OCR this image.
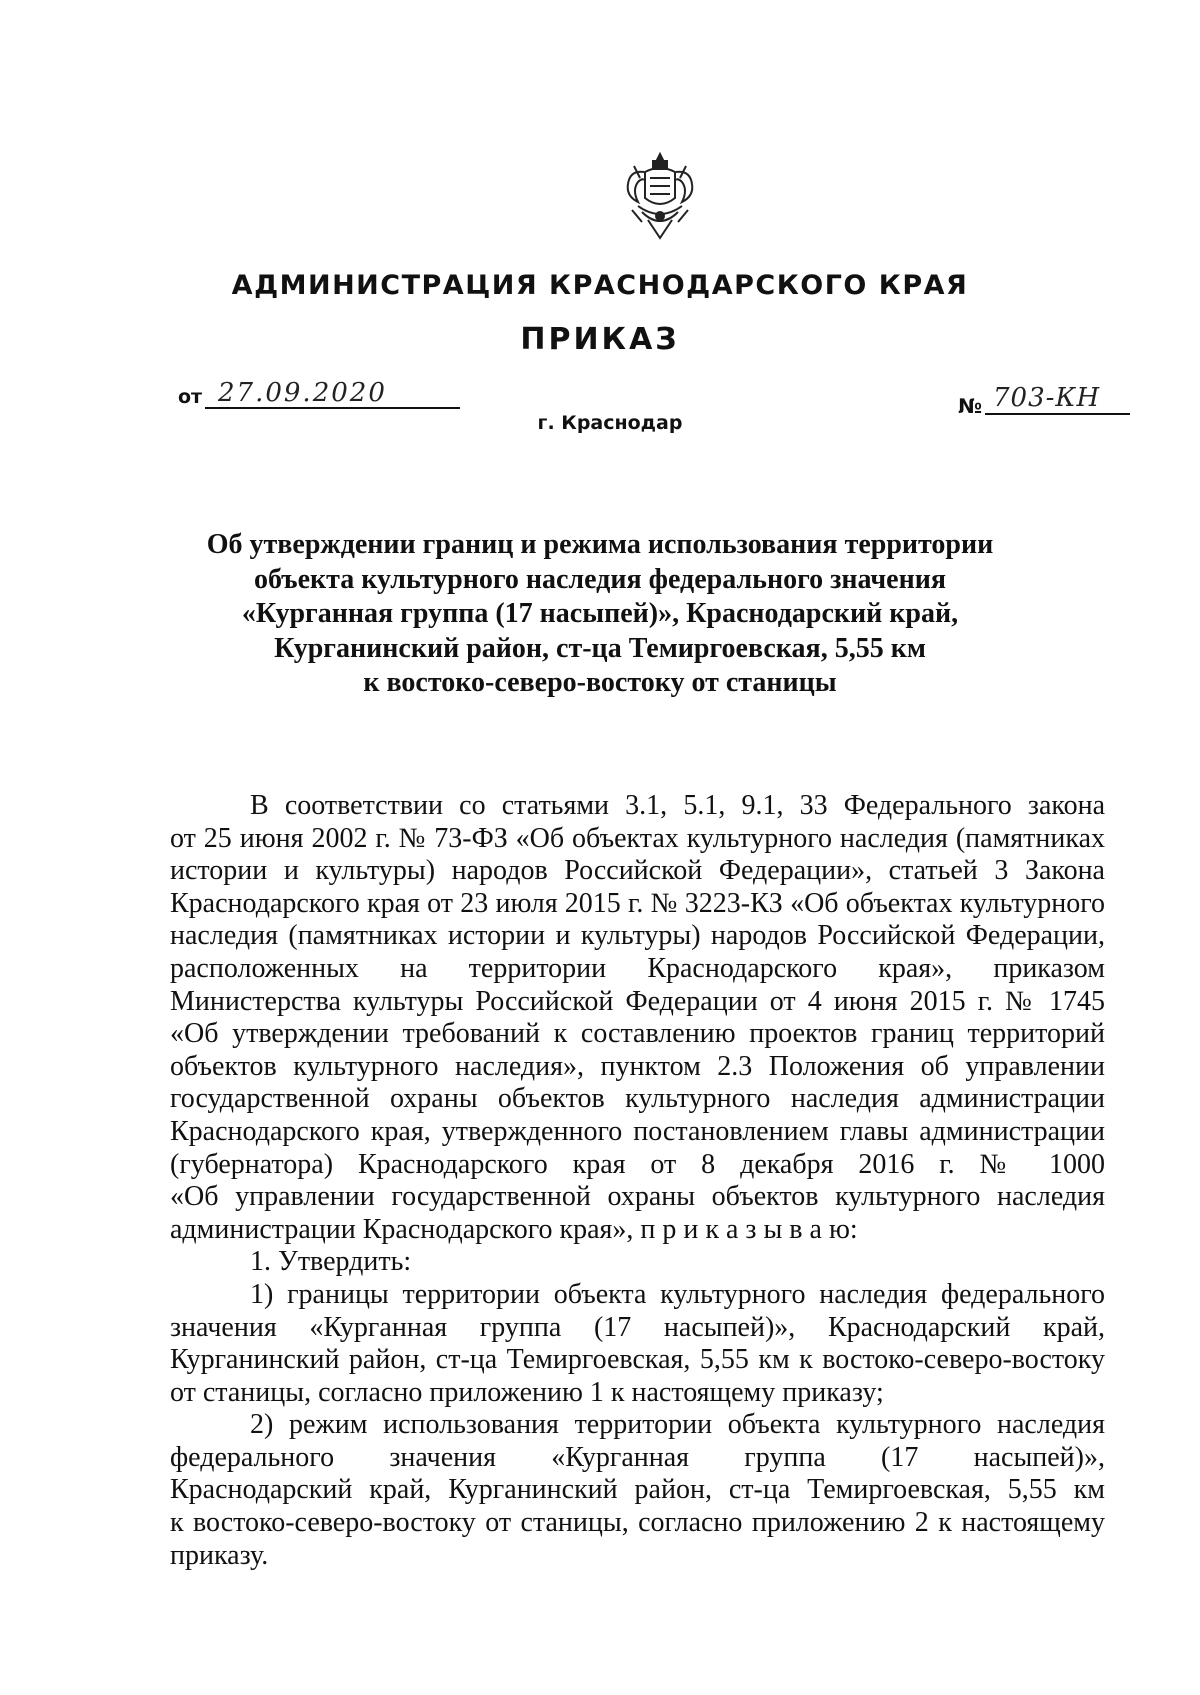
АДМИНИСТРАЦИЯ КРАСНОДАРСКОГО КРАЯ
ПРИКАЗ
от 27.09.2020
г. Краснодар
№ 703-КН
Об утверждении границ и режима использования территории
объекта культурного наследия федерального значения
«Курганная группа (17 насыпей)», Краснодарский край,
Курганинский район, ст-ца Темиргоевская, 5,55 км
к востоко-северо-востоку от станицы
В соответствии со статьями 3.1, 5.1, 9.1, 33 Федерального закона
от 25 июня 2002 г. № 73-ФЗ «Об объектах культурного наследия (памятниках
истории и культуры) народов Российской Федерации», статьей 3 Закона
Краснодарского края от 23 июля 2015 г. № 3223-КЗ «Об объектах культурного
наследия (памятниках истории и культуры) народов Российской Федерации,
расположенных на территории Краснодарского края», приказом
Министерства культуры Российской Федерации от 4 июня 2015 г. № 1745
«Об утверждении требований к составлению проектов границ территорий
объектов культурного наследия», пунктом 2.3 Положения об управлении
государственной охраны объектов культурного наследия администрации
Краснодарского края, утвержденного постановлением главы администрации
(губернатора) Краснодарского края от 8 декабря 2016 г. № 1000
«Об управлении государственной охраны объектов культурного наследия
администрации Краснодарского края», п р и к а з ы в а ю:
1. Утвердить:
1) границы территории объекта культурного наследия федерального
значения «Курганная группа (17 насыпей)», Краснодарский край,
Курганинский район, ст-ца Темиргоевская, 5,55 км к востоко-северо-востоку
от станицы, согласно приложению 1 к настоящему приказу;
2) режим использования территории объекта культурного наследия
федерального значения «Курганная группа (17 насыпей)»,
Краснодарский край, Курганинский район, ст-ца Темиргоевская, 5,55 км
к востоко-северо-востоку от станицы, согласно приложению 2 к настоящему
приказу.
